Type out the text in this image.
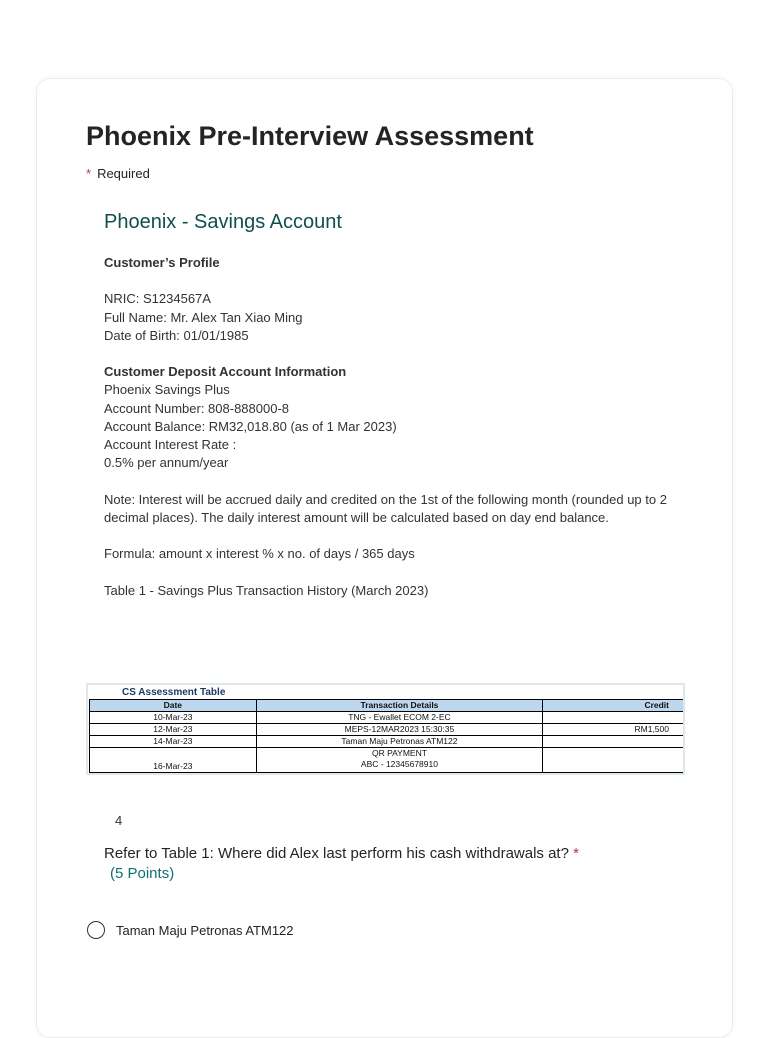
Phoenix Pre-Interview Assessment
* Required
Phoenix - Savings Account

Customer’s Profile

NRIC: S1234567A

Full Name: Mr. Alex Tan Xiao Ming

Date of Birth: 01/01/1985

Customer Deposit Account Information

Phoenix Savings Plus

Account Number: 808-888000-8

Account Balance: RM32,018.80 (as of 1 Mar 2023)

Account Interest Rate :

0.5% per annum/year

Note: Interest will be accrued daily and credited on the 1st of the following month (rounded up to 2 decimal places). The daily interest amount will be calculated based on day end balance.

Formula: amount x interest % x no. of days / 365 days

Table 1 - Savings Plus Transaction History (March 2023)

CS Assessment Table
Date	Transaction Details	Credit
10-Mar-23	TNG - Ewallet ECOM 2-EC	
12-Mar-23	MEPS-12MAR2023 15:30:35	RM1,500
14-Mar-23	Taman Maju Petronas ATM122	
16-Mar-23	QR PAYMENT
ABC - 12345678910	

4
Refer to Table 1: Where did Alex last perform his cash withdrawals at? *
(5 Points)
Taman Maju Petronas ATM122
